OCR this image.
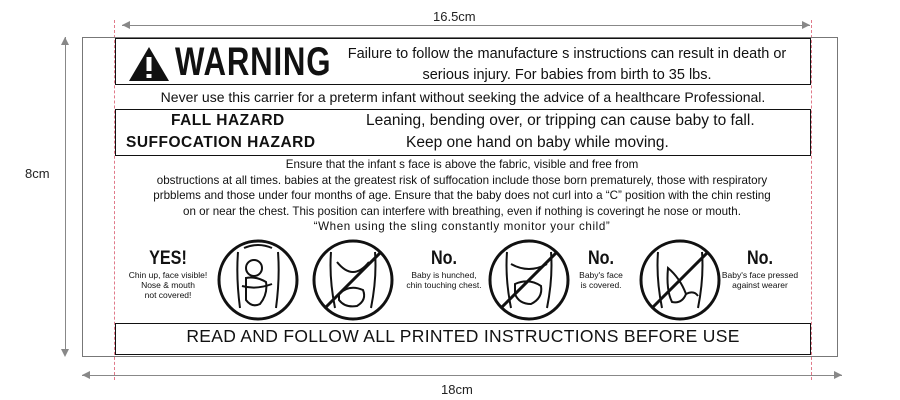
16.5cm
18cm
8cm
WARNING	Failure to follow the manufacture s instructions can result in death or
serious injury. For babies from birth to 35 lbs.
Never use this carrier for a preterm infant without seeking the advice of a healthcare Professional.
FALL HAZARD	Leaning, bending over, or tripping can cause baby to fall.
SUFFOCATION HAZARD	Keep one hand on baby while moving.
Ensure that the infant s face is above the fabric, visible and free from
obstructions at all times. babies at the greatest risk of suffocation include those born prematurely, those with respiratory
prbblems and those under four months of age. Ensure that the baby does not curl into a “C” position with the chin resting
on or near the chest. This position can interfere with breathing, even if nothing is coveringt he nose or mouth.
“When using the sling constantly monitor your child”
YES!
Chin up, face visible!
Nose & mouth
not covered!
No.
Baby is hunched,
chin touching chest.
No.
Baby's face
is covered.
No.
Baby's face pressed
against wearer
READ AND FOLLOW ALL PRINTED INSTRUCTIONS BEFORE USE
